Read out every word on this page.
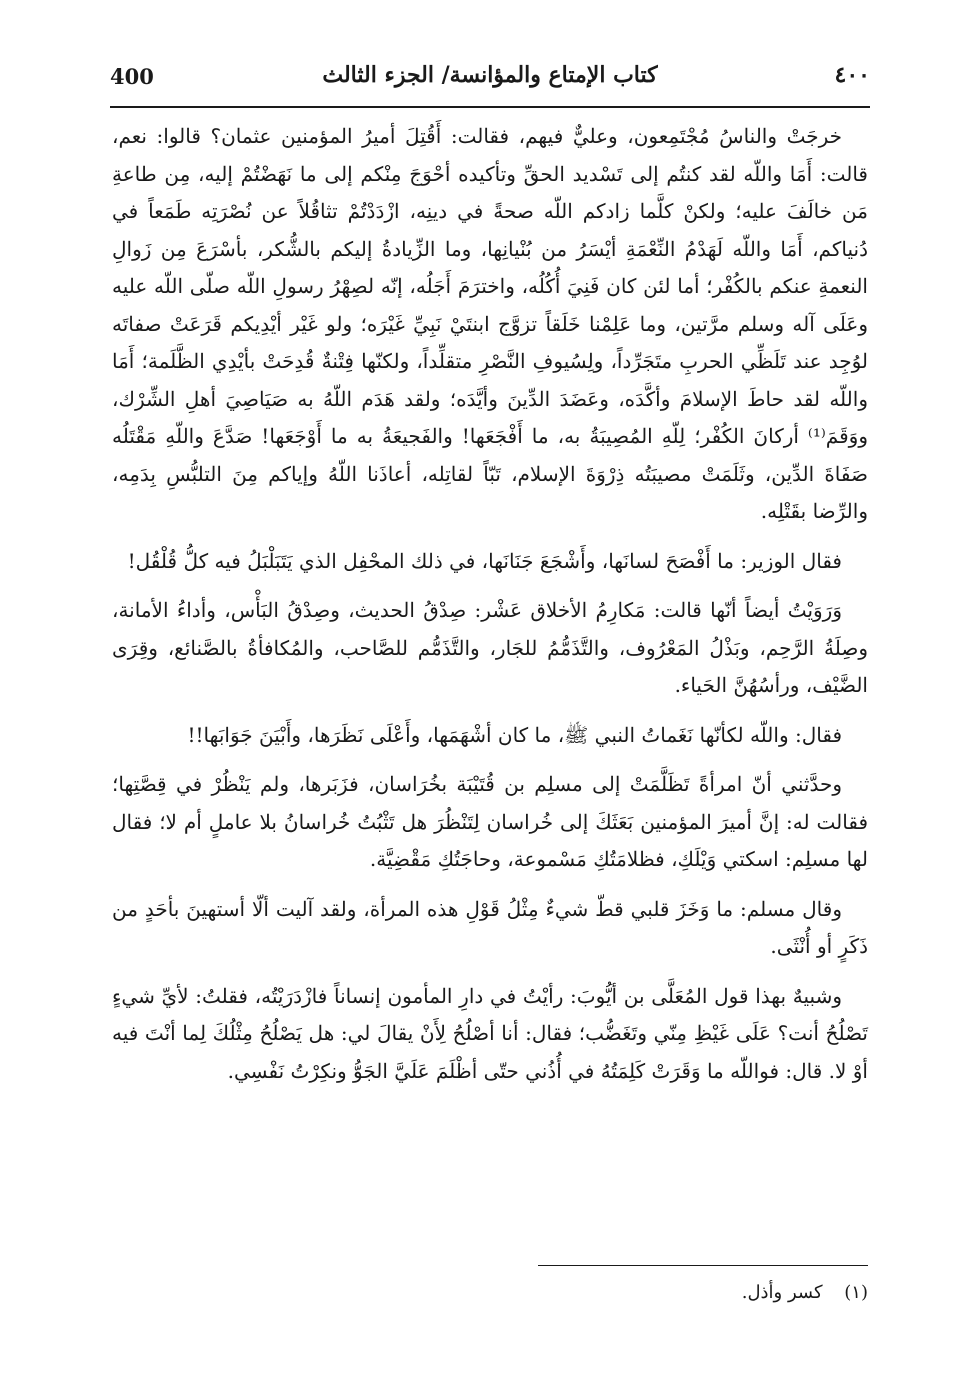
400	كتاب الإمتاع والمؤانسة/ الجزء الثالث	٤٠٠

خرجَتْ والناسُ مُجْتَمِعون، وعليٌّ فيهم، فقالت: أَقُتِلَ أميرُ المؤمنين عثمان؟ قالوا: نعم، قالت: أَمَا واللّه لقد كنتُم إلى تَسْديد الحقِّ وتأكيده أحْوَجَ مِنْكم إلى ما نَهَضْتُمْ إليه، مِن طاعةِ مَن خالَفَ عليه؛ ولكنْ كلَّما زادكم اللّه صحةً في دينِه، ازْدَدْتُمْ تثاقُلاً عن نُصْرَتِه طَمَعاً في دُنياكم، أَمَا واللّه لَهَدْمُ النِّعْمَةِ أيْسَرُ من بُنْيانِها، وما الزِّيادةُ إليكم بالشُّكر، بأسْرَعَ مِن زَوالِ النعمةِ عنكم بالكُفْر؛ أما لئن كان فَنِيَ أُكُلُه، واخترَمَ أَجَلُه، إنّه لصِهْرُ رسولِ اللّه صلّى اللّه عليه وعَلَى آله وسلم مرَّتين، وما عَلِمْنا خَلَقاً تزوَّج ابنتَيْ نَبِيِّ غَيْرَه؛ ولو غَيْر أيْدِيكم قَرَعَتْ صفاتَه لوُجِد عند تَلَظِّي الحربِ متَجَرِّداً، ولِسُيوفِ النَّصْرِ متقلِّداً، ولكنّها فِتْنةٌ قُدِحَتْ بأيْدِي الظَّلَمة؛ أَمَا واللّه لقد حاطَ الإسلامَ وأكَّدَه، وعَضَدَ الدِّينَ وأيَّدَه؛ ولقد هَدَم اللّهُ به صَيَاصِيَ أهلِ الشِّرْك، ووَقَمَ⁽¹⁾ أركانَ الكُفْر؛ لِلّهِ المُصِيبَةُ به، ما أَفْجَعَها! والفَجيعَةُ به ما أَوْجَعَها! صَدَّعَ واللّهِ مَقْتَلُه صَفَاةَ الدِّين، وثَلَمَتْ مصيبَتُه ذِرْوَةَ الإسلام، تَبّاً لقاتِله، أعاذَنا اللّهُ وإياكم مِنَ التلبُّسِ بِدَمِه، والرِّضا بقَتْلِه.

فقال الوزير: ما أَفْصَحَ لسانَها، وأَشْجَعَ جَنَانَها، في ذلك المحْفِل الذي يَتَبَلْبَلُ فيه كلُّ قُلْقُل!

وَرَوَيْتُ أيضاً أنّها قالت: مَكارِمُ الأخلاق عَشْر: صِدْقُ الحديث، وصِدْقُ البَأْس، وأداءُ الأمانة، وصِلَةُ الرَّحِم، وبَذْلُ المَعْرُوف، والتَّذَمُّمُ للجَار، والتَّذَمُّم للصَّاحب، والمُكافأةُ بالصَّنائع، وقِرَى الضَّيْف، ورأسُهُنَّ الحَياء.

فقال: واللّه لكأنّها نَغَماتُ النبي ﷺ، ما كان أشْهَمَها، وأَعْلَى نَظَرَها، وأَبْيَنَ جَوَابَها!!

وحدَّثني أنّ امرأةً تَظَلَّمَتْ إلى مسلِم بن قُتَيْبَة بخُرَاسان، فزَبَرها، ولم يَنْظُرْ في قِصَّتِها؛ فقالت له: إنَّ أميرَ المؤمنين بَعَثَكَ إلى خُراسان لِتَنْظُرَ هل تَثْبُتُ خُراسانُ بلا عاملٍ أم لا؛ فقال لها مسلِم: اسكتي وَيْلَكِ، فظلامَتُكِ مَسْموعة، وحاجَتُكِ مَقْضِيَّة.

وقال مسلم: ما وَخَزَ قلبي قطّ شيءٌ مِثْلُ قَوْلِ هذه المرأة، ولقد آليت ألّا أستهينَ بأحَدٍ من ذَكَرٍ أو أُنْثَى.

وشبيهٌ بهذا قول المُعَلَّى بن أيُّوبَ: رأيْتُ في دارِ المأمون إنساناً فازْدَرَيْتُه، فقلتُ: لأيِّ شيءٍ تَصْلُحُ أنت؟ عَلَى غَيْظِ مِنّي وتَغَضُّب؛ فقال: أنا أصْلُحُ لِأَنْ يقالَ لي: هل يَصْلُحُ مِثْلُكَ لِما أنْتَ فيه أوْ لا. قال: فواللّه ما وَقَرَتْ كَلِمَتُهُ في أُذُني حتّى أظْلَمَ عَلَيَّ الجَوُّ ونكِرْتُ نَفْسِي.

(١) كسر وأذل.
